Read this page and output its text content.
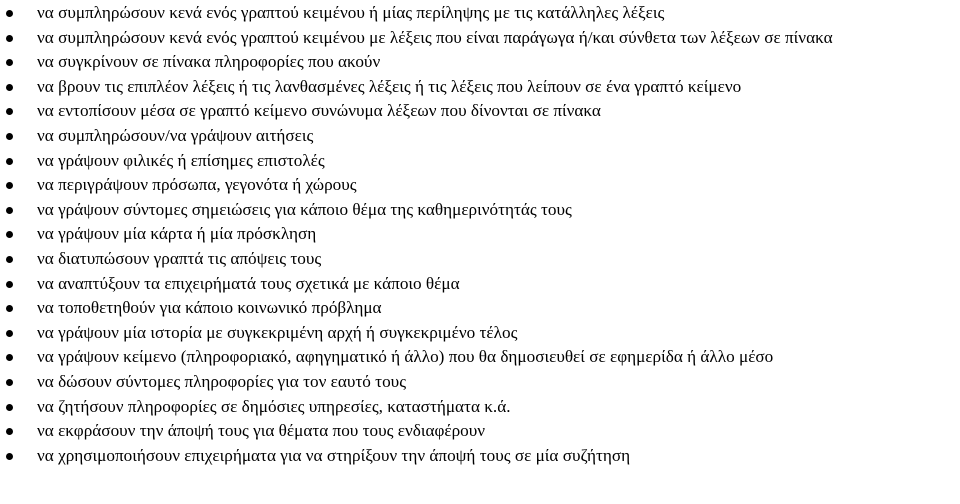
να συμπληρώσουν κενά ενός γραπτού κειμένου ή μίας περίληψης με τις κατάλληλες λέξεις
να συμπληρώσουν κενά ενός γραπτού κειμένου με λέξεις που είναι παράγωγα ή/και σύνθετα των λέξεων σε πίνακα
να συγκρίνουν σε πίνακα πληροφορίες που ακούν
να βρουν τις επιπλέον λέξεις ή τις λανθασμένες λέξεις ή τις λέξεις που λείπουν σε ένα γραπτό κείμενο
να εντοπίσουν μέσα σε γραπτό κείμενο συνώνυμα λέξεων που δίνονται σε πίνακα
να συμπληρώσουν/να γράψουν αιτήσεις
να γράψουν φιλικές ή επίσημες επιστολές
να περιγράψουν πρόσωπα, γεγονότα ή χώρους
να γράψουν σύντομες σημειώσεις για κάποιο θέμα της καθημερινότητάς τους
να γράψουν μία κάρτα ή μία πρόσκληση
να διατυπώσουν γραπτά τις απόψεις τους
να αναπτύξουν τα επιχειρήματά τους σχετικά με κάποιο θέμα
να τοποθετηθούν για κάποιο κοινωνικό πρόβλημα
να γράψουν μία ιστορία με συγκεκριμένη αρχή ή συγκεκριμένο τέλος
να γράψουν κείμενο (πληροφοριακό, αφηγηματικό ή άλλο) που θα δημοσιευθεί σε εφημερίδα ή άλλο μέσο
να δώσουν σύντομες πληροφορίες για τον εαυτό τους
να ζητήσουν πληροφορίες σε δημόσιες υπηρεσίες, καταστήματα κ.ά.
να εκφράσουν την άποψή τους για θέματα που τους ενδιαφέρουν
να χρησιμοποιήσουν επιχειρήματα για να στηρίξουν την άποψή τους σε μία συζήτηση
